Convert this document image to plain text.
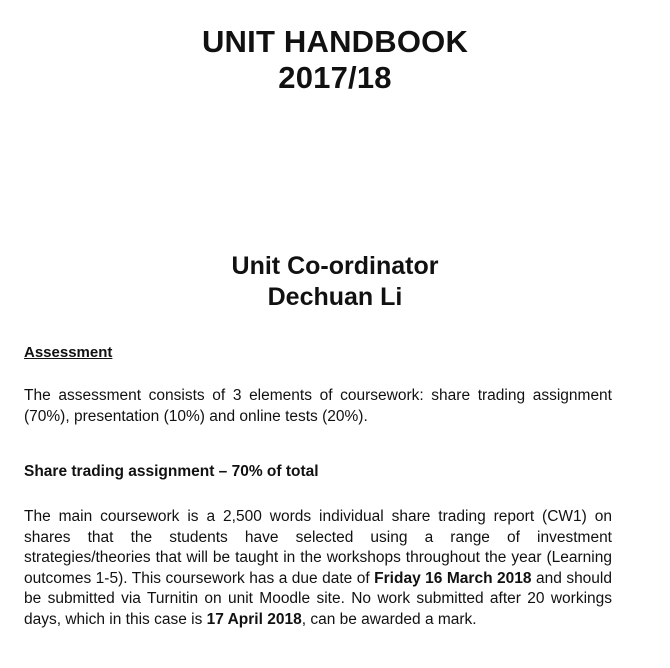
UNIT HANDBOOK
2017/18
Unit Co-ordinator
Dechuan Li
Assessment

The assessment consists of 3 elements of coursework: share trading assignment (70%), presentation (10%) and online tests (20%).

Share trading assignment – 70% of total

The main coursework is a 2,500 words individual share trading report (CW1) on shares that the students have selected using a range of investment strategies/theories that will be taught in the workshops throughout the year (Learning outcomes 1-5). This coursework has a due date of Friday 16 March 2018 and should be submitted via Turnitin on unit Moodle site. No work submitted after 20 workings days, which in this case is 17 April 2018, can be awarded a mark.
